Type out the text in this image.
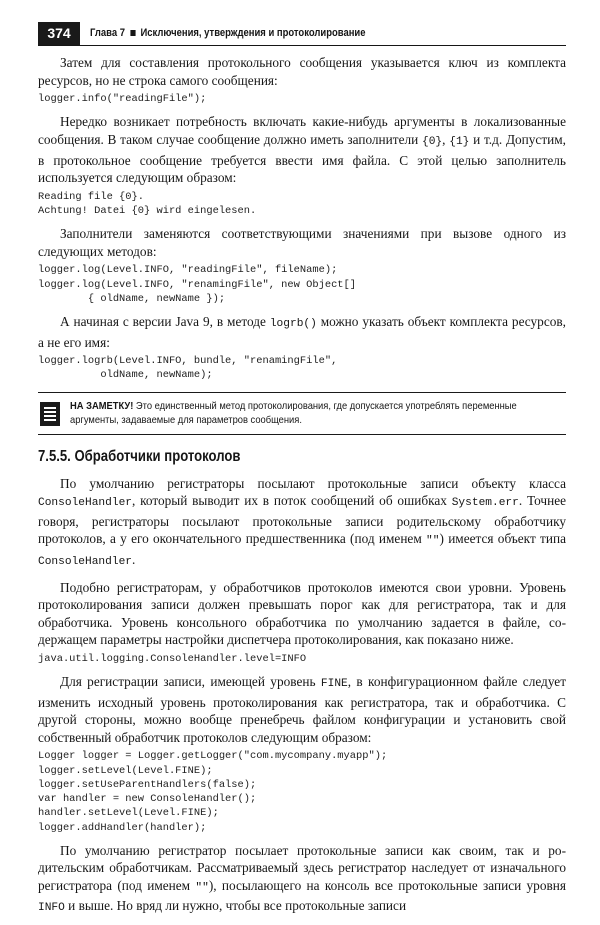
374	Глава 7 Исключения, утверждения и протоколирование

Затем для составления протокольного сообщения указывается ключ из комплекта ресурсов, но не строка самого сообщения:

logger.info("readingFile");

Нередко возникает потребность включать какие-нибудь аргументы в локализованные сообщения. В таком случае сообщение должно иметь заполнители {0}, {1} и т.д. Допустим, в протокольное сообщение требуется ввести имя файла. С этой целью заполнитель используется следующим образом:

Reading file {0}.
Achtung! Datei {0} wird eingelesen.

Заполнители заменяются соответствующими значениями при вызове одного из следующих методов:

logger.log(Level.INFO, "readingFile", fileName);
logger.log(Level.INFO, "renamingFile", new Object[]
{ oldName, newName });

А начиная с версии Java 9, в методе logrb() можно указать объект комплекта ресурсов, а не его имя:

logger.logrb(Level.INFO, bundle, "renamingFile",
oldName, newName);
НА ЗАМЕТКУ! Это единственный метод протоколирования, где допускается употреблять переменные аргументы, задаваемые для параметров сообщения.
7.5.5. Обработчики протоколов

По умолчанию регистраторы посылают протокольные записи объекту класса ConsoleHandler, который выводит их в поток сообщений об ошибках System.err. Точнее говоря, регистраторы посылают протокольные записи родительскому обработчику протоколов, а у его окончательного предшественника (под именем "") имеется объект типа ConsoleHandler.

Подобно регистраторам, у обработчиков протоколов имеются свои уровни. Уровень протоколирования записи должен превышать порог как для регистратора, так и для обработчика. Уровень консольного обработчика по умолчанию задается в файле, содержащем параметры настройки диспетчера протоколирования, как показано ниже.

java.util.logging.ConsoleHandler.level=INFO

Для регистрации записи, имеющей уровень FINE, в конфигурационном файле следует изменить исходный уровень протоколирования как регистратора, так и обработчика. С другой стороны, можно вообще пренебречь файлом конфигурации и установить свой собственный обработчик протоколов следующим образом:

Logger logger = Logger.getLogger("com.mycompany.myapp");
logger.setLevel(Level.FINE);
logger.setUseParentHandlers(false);
var handler = new ConsoleHandler();
handler.setLevel(Level.FINE);
logger.addHandler(handler);

По умолчанию регистратор посылает протокольные записи как своим, так и родительским обработчикам. Рассматриваемый здесь регистратор наследует от изначального регистратора (под именем ""), посылающего на консоль все протокольные записи уровня INFO и выше. Но вряд ли нужно, чтобы все протокольные записи
